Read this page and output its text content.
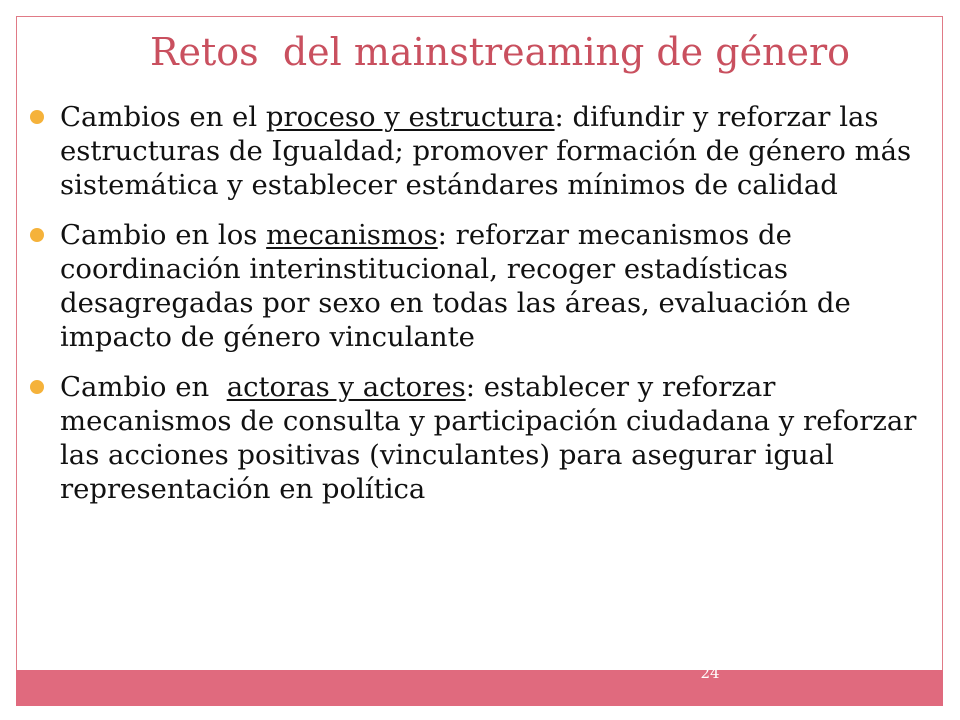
24
Retos  del mainstreaming de género
Cambios en el proceso y estructura: difundir y reforzar las estructuras de Igualdad; promover formación de género más sistemática y establecer estándares mínimos de calidad
Cambio en los mecanismos: reforzar mecanismos de coordinación interinstitucional, recoger estadísticas desagregadas por sexo en todas las áreas, evaluación de impacto de género vinculante
Cambio en  actoras y actores: establecer y reforzar mecanismos de consulta y participación ciudadana y reforzar las acciones positivas (vinculantes) para asegurar igual representación en política
